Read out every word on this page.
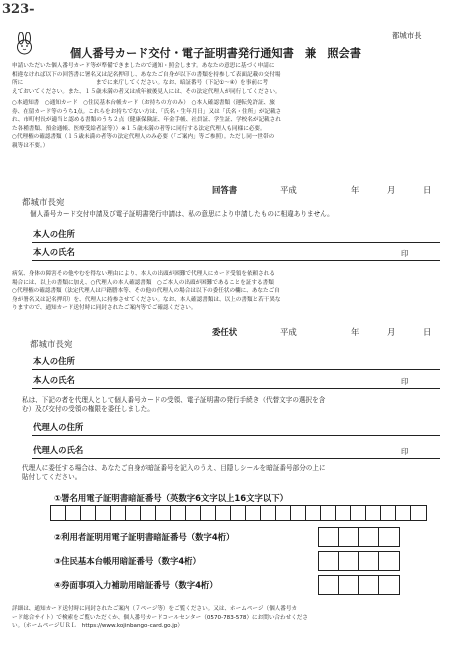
323-
都城市長
個人番号カード交付・電子証明書発行通知書　兼　照会書
申請いただいた個人番号カード等が準備できましたので通知・照会します。あなたの意思に基づく申請に
相違なければ以下の回答書に署名又は記名押印し、あなたご自身が以下の書類を持参して表面記載の交付場
所に　　　　　　　　　　　　　までに来庁してください。なお、暗証番号（下記①〜④）を事前に考
えておいてください。また、１５歳未満の者又は成年被後見人には、その法定代理人が同行してください。
○本通知書　○通知カード　○住民基本台帳カード（お持ちの方のみ）　○本人確認書類（運転免許証、旅
券、在留カード等のうち1点。これらをお持ちでない方は、「氏名・生年月日」又は「氏名・住所」が記載さ
れ、市町村長が適当と認める書類のうち２点（健康保険証、年金手帳、社員証、学生証、学校名が記載され
た各種書類、預金通帳、医療受給者証等））※１５歳未満の者等に同行する法定代理人も同様に必要。
○代理権の確認書類（１５歳未満の者等の法定代理人のみ必要（「ご案内」等ご参照）。ただし同一世帯の
親等は不要。）
回答書	平成	年	月	日
都城市長宛
個人番号カード交付申請及び電子証明書発行申請は、私の意思により申請したものに相違ありません。
本人の住所
本人の氏名	印
病気、身体の障害その他やむを得ない理由により、本人の出頭が困難で代理人にカード受領を依頼される
場合には、以上の書類に加え、○代理人の本人確認書類　○ご本人の出頭が困難であることを証する書類
○代理権の確認書類（法定代理人は戸籍謄本等、その他の代理人の場合は以下の委任状の欄に、あなたご自
身が署名又は記名押印）を、代理人に持参させてください。なお、本人確認書類は、以上の書類と若干異な
りますので、通知カード送付時に同封されたご案内等でご確認ください。
委任状	平成	年	月	日
都城市長宛
本人の住所
本人の氏名	印
私は、下記の者を代理人として個人番号カードの受領、電子証明書の発行手続き（代替文字の選択を含
む）及び交付の受領の権限を委任しました。
代理人の住所
代理人の氏名	印
代理人に委任する場合は、あなたご自身が暗証番号を記入のうえ、目隠しシールを暗証番号部分の上に
貼付してください。
①署名用電子証明書暗証番号（英数字6文字以上16文字以下）
②利用者証明用電子証明書暗証番号（数字4桁）
③住民基本台帳用暗証番号（数字4桁）
④券面事項入力補助用暗証番号（数字4桁）
詳細は、通知カード送付時に同封されたご案内（７ページ等）をご覧ください。又は、ホームページ（個人番号カ
ード総合サイト）で検索をご覧いただくか、個人番号カードコールセンター（0570-783-578）にお問い合わせくださ
い。（ホームページＵＲＬ　https://www.kojinbango-card.go.jp）
